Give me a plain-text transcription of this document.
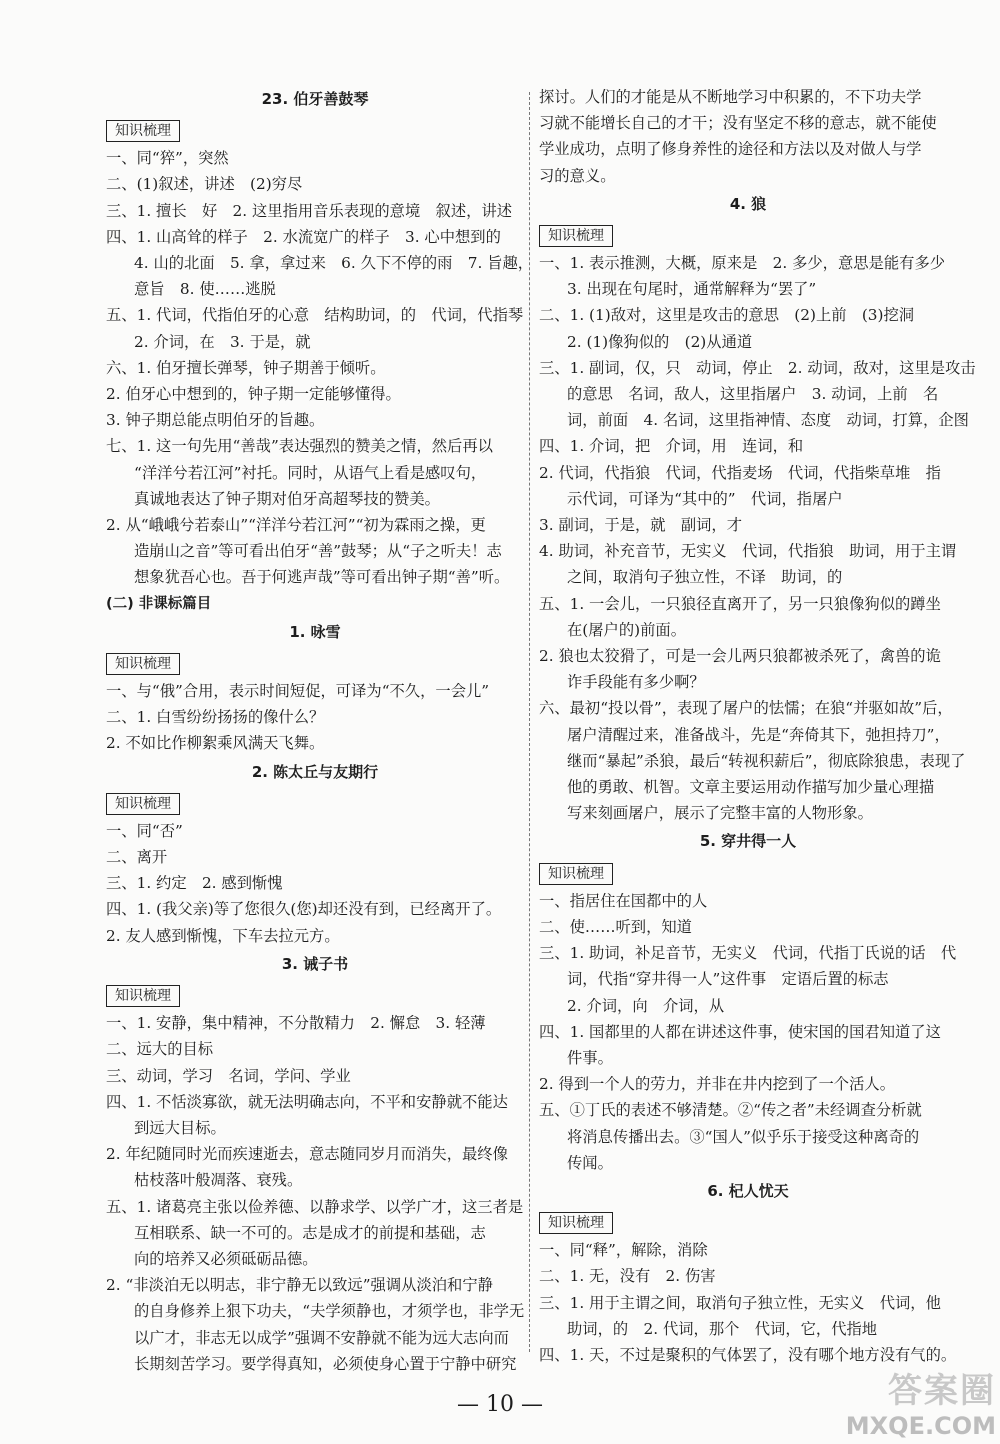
23. 伯牙善鼓琴
知识梳理
一、同“猝”，突然
二、(1)叙述，讲述　(2)穷尽
三、1. 擅长　好　2. 这里指用音乐表现的意境　叙述，讲述
四、1. 山高耸的样子　2. 水流宽广的样子　3. 心中想到的
4. 山的北面　5. 拿，拿过来　6. 久下不停的雨　7. 旨趣，
意旨　8. 使……逃脱
五、1. 代词，代指伯牙的心意　结构助词，的　代词，代指琴
2. 介词，在　3. 于是，就
六、1. 伯牙擅长弹琴，钟子期善于倾听。
2. 伯牙心中想到的，钟子期一定能够懂得。
3. 钟子期总能点明伯牙的旨趣。
七、1. 这一句先用“善哉”表达强烈的赞美之情，然后再以
“洋洋兮若江河”衬托。同时，从语气上看是感叹句，
真诚地表达了钟子期对伯牙高超琴技的赞美。
2. 从“峨峨兮若泰山”“洋洋兮若江河”“初为霖雨之操，更
造崩山之音”等可看出伯牙“善”鼓琴；从“子之听夫！志
想象犹吾心也。吾于何逃声哉”等可看出钟子期“善”听。
(二) 非课标篇目
1. 咏雪
知识梳理
一、与“俄”合用，表示时间短促，可译为“不久，一会儿”
二、1. 白雪纷纷扬扬的像什么？
2. 不如比作柳絮乘风满天飞舞。
2. 陈太丘与友期行
知识梳理
一、同“否”
二、离开
三、1. 约定　2. 感到惭愧
四、1. (我父亲)等了您很久(您)却还没有到，已经离开了。
2. 友人感到惭愧，下车去拉元方。
3. 诫子书
知识梳理
一、1. 安静，集中精神，不分散精力　2. 懈怠　3. 轻薄
二、远大的目标
三、动词，学习　名词，学问、学业
四、1. 不恬淡寡欲，就无法明确志向，不平和安静就不能达
到远大目标。
2. 年纪随同时光而疾速逝去，意志随同岁月而消失，最终像
枯枝落叶般凋落、衰残。
五、1. 诸葛亮主张以俭养德、以静求学、以学广才，这三者是
互相联系、缺一不可的。志是成才的前提和基础，志
向的培养又必须砥砺品德。
2. “非淡泊无以明志，非宁静无以致远”强调从淡泊和宁静
的自身修养上狠下功夫，“夫学须静也，才须学也，非学无
以广才，非志无以成学”强调不安静就不能为远大志向而
长期刻苦学习。要学得真知，必须使身心置于宁静中研究
探讨。人们的才能是从不断地学习中积累的，不下功夫学
习就不能增长自己的才干；没有坚定不移的意志，就不能使
学业成功，点明了修身养性的途径和方法以及对做人与学
习的意义。
4. 狼
知识梳理
一、1. 表示推测，大概，原来是　2. 多少，意思是能有多少
3. 出现在句尾时，通常解释为“罢了”
二、1. (1)敌对，这里是攻击的意思　(2)上前　(3)挖洞
2. (1)像狗似的　(2)从通道
三、1. 副词，仅，只　动词，停止　2. 动词，敌对，这里是攻击
的意思　名词，敌人，这里指屠户　3. 动词，上前　名
词，前面　4. 名词，这里指神情、态度　动词，打算，企图
四、1. 介词，把　介词，用　连词，和
2. 代词，代指狼　代词，代指麦场　代词，代指柴草堆　指
示代词，可译为“其中的”　代词，指屠户
3. 副词，于是，就　副词，才
4. 助词，补充音节，无实义　代词，代指狼　助词，用于主谓
之间，取消句子独立性，不译　助词，的
五、1. 一会儿，一只狼径直离开了，另一只狼像狗似的蹲坐
在(屠户的)前面。
2. 狼也太狡猾了，可是一会儿两只狼都被杀死了，禽兽的诡
诈手段能有多少啊？
六、最初“投以骨”，表现了屠户的怯懦；在狼“并驱如故”后，
屠户清醒过来，准备战斗，先是“奔倚其下，弛担持刀”，
继而“暴起”杀狼，最后“转视积薪后”，彻底除狼患，表现了
他的勇敢、机智。文章主要运用动作描写加少量心理描
写来刻画屠户，展示了完整丰富的人物形象。
5. 穿井得一人
知识梳理
一、指居住在国都中的人
二、使……听到，知道
三、1. 助词，补足音节，无实义　代词，代指丁氏说的话　代
词，代指“穿井得一人”这件事　定语后置的标志
2. 介词，向　介词，从
四、1. 国都里的人都在讲述这件事，使宋国的国君知道了这
件事。
2. 得到一个人的劳力，并非在井内挖到了一个活人。
五、①丁氏的表述不够清楚。②“传之者”未经调查分析就
将消息传播出去。③“国人”似乎乐于接受这种离奇的
传闻。
6. 杞人忧天
知识梳理
一、同“释”，解除，消除
二、1. 无，没有　2. 伤害
三、1. 用于主谓之间，取消句子独立性，无实义　代词，他
助词，的　2. 代词，那个　代词，它，代指地
四、1. 天，不过是聚积的气体罢了，没有哪个地方没有气的。
— 10 —	答案圈
MXQE.COM
